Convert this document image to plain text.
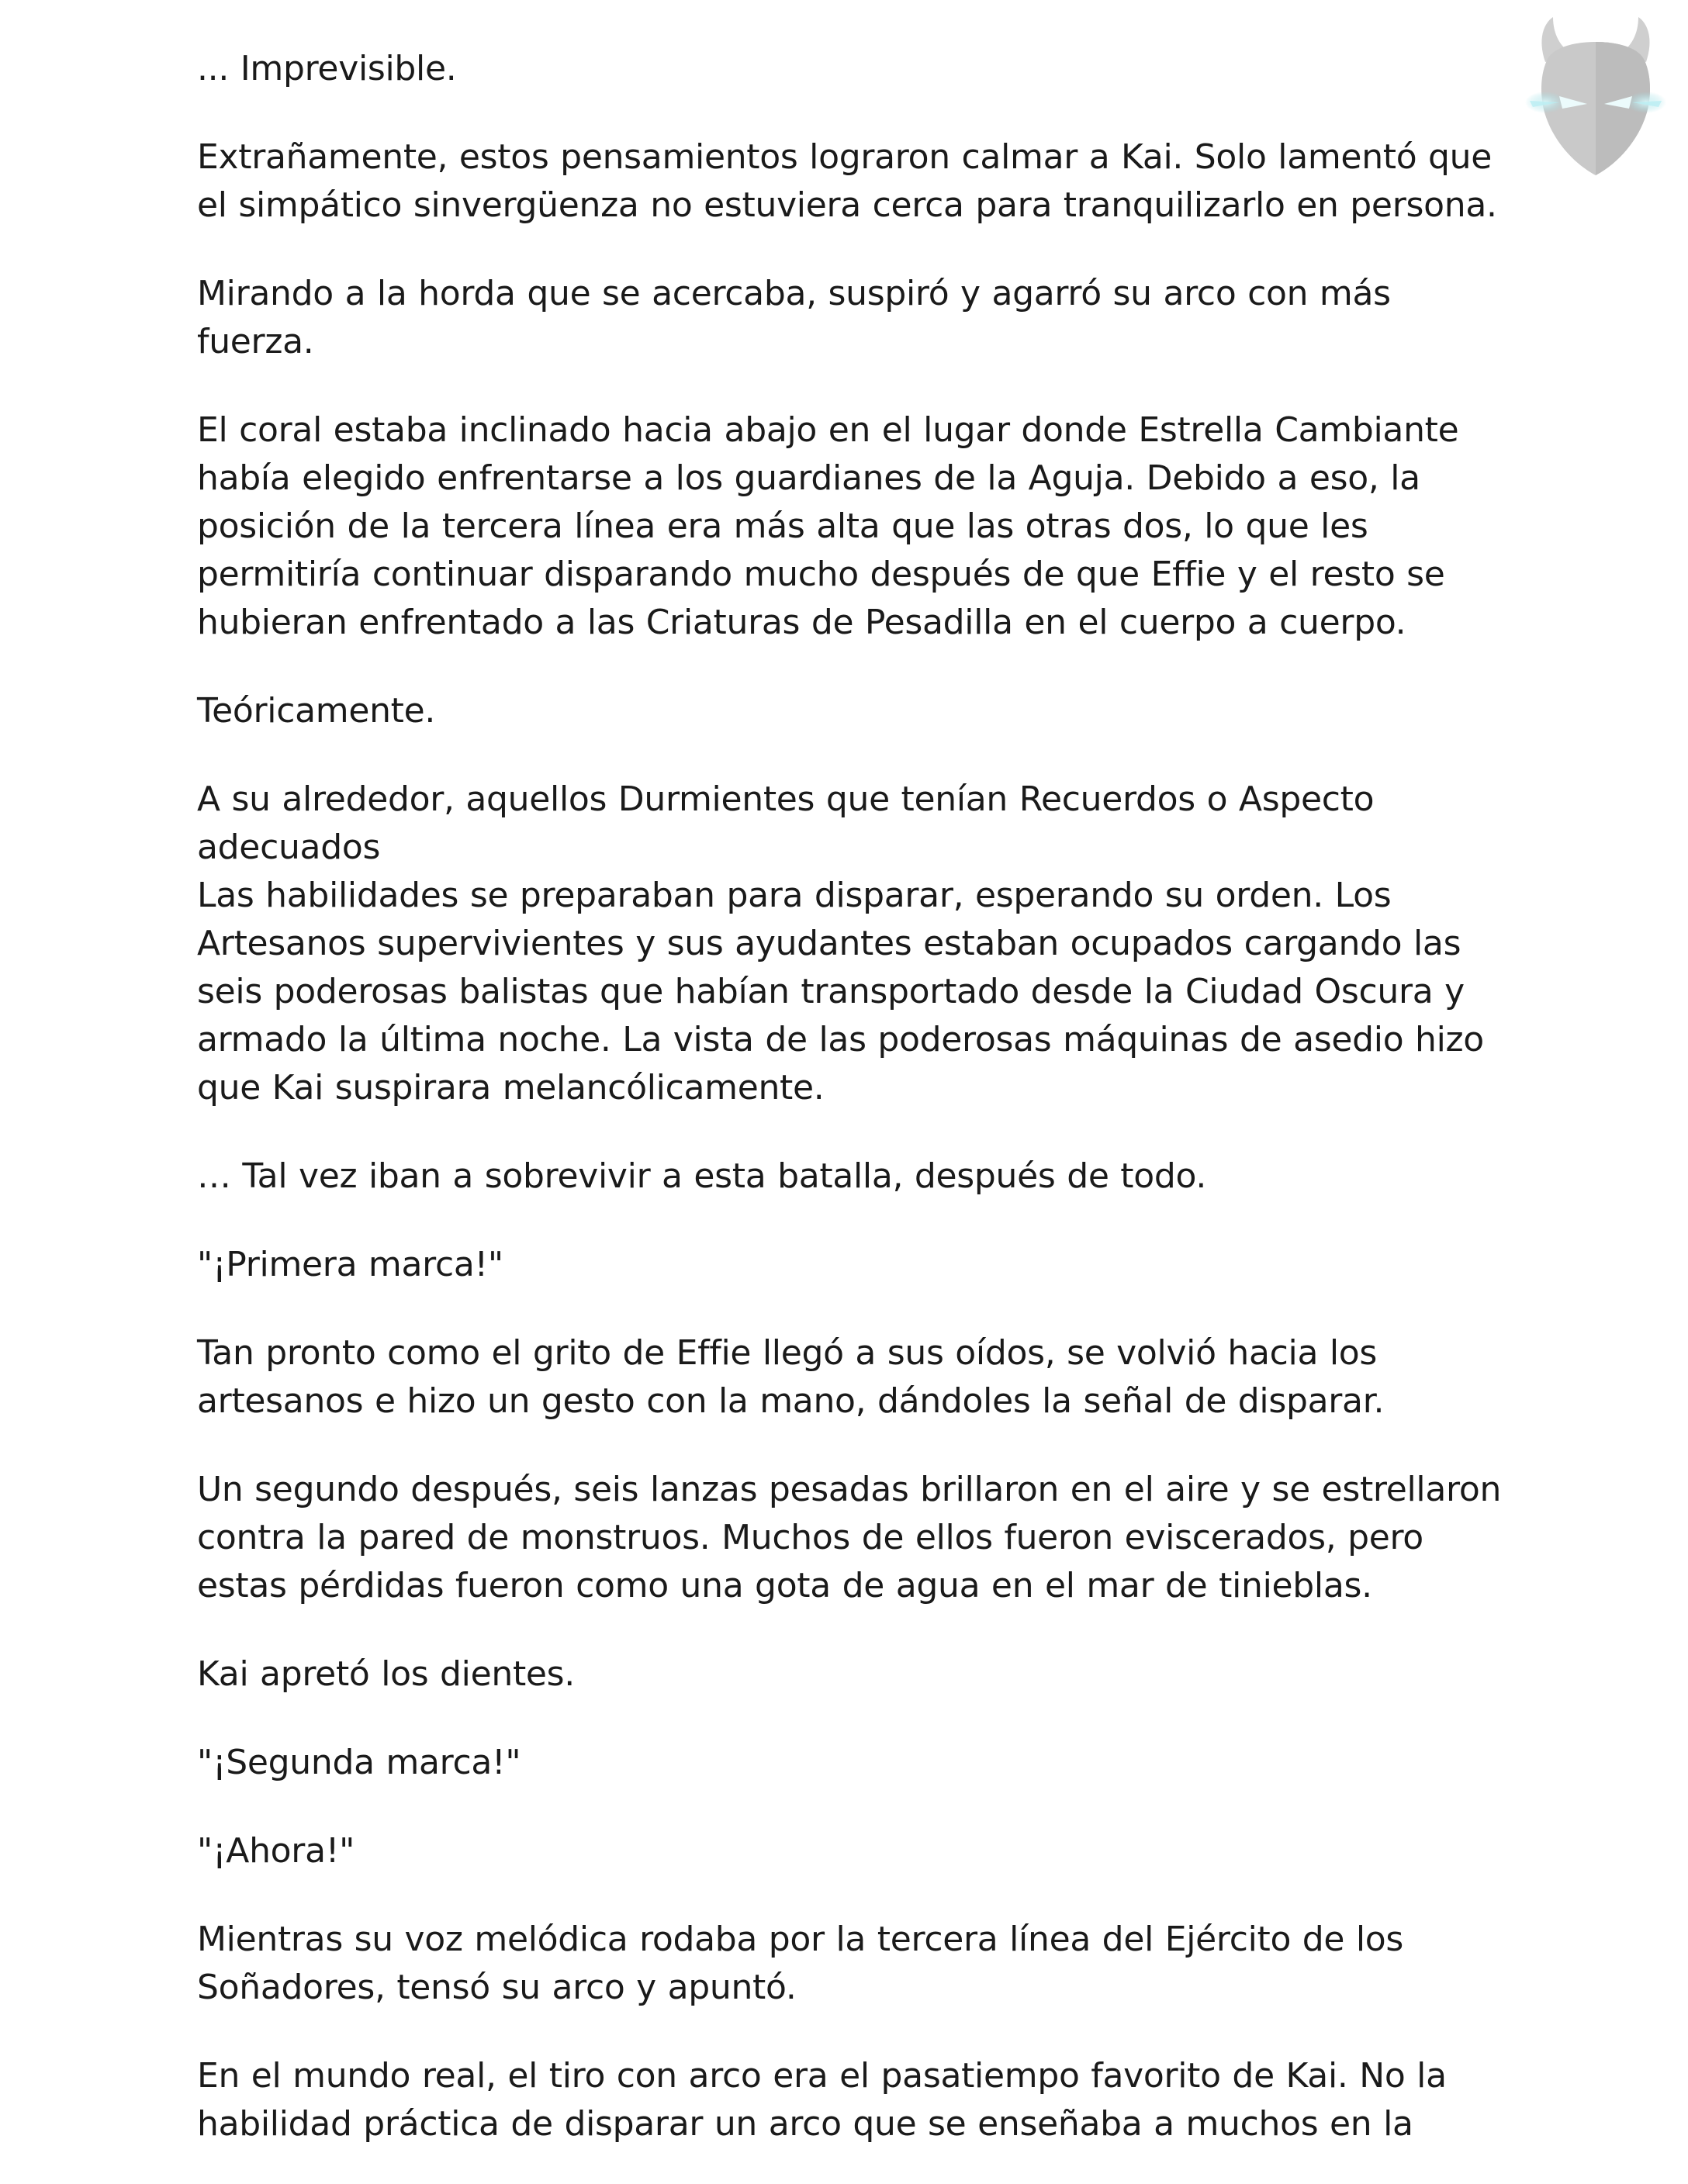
... Imprevisible.

Extrañamente, estos pensamientos lograron calmar a Kai. Solo lamentó que el simpático sinvergüenza no estuviera cerca para tranquilizarlo en persona.

Mirando a la horda que se acercaba, suspiró y agarró su arco con más fuerza.

El coral estaba inclinado hacia abajo en el lugar donde Estrella Cambiante había elegido enfrentarse a los guardianes de la Aguja. Debido a eso, la posición de la tercera línea era más alta que las otras dos, lo que les permitiría continuar disparando mucho después de que Effie y el resto se hubieran enfrentado a las Criaturas de Pesadilla en el cuerpo a cuerpo.

Teóricamente.

A su alrededor, aquellos Durmientes que tenían Recuerdos o Aspecto adecuados

Las habilidades se preparaban para disparar, esperando su orden. Los Artesanos supervivientes y sus ayudantes estaban ocupados cargando las seis poderosas balistas que habían transportado desde la Ciudad Oscura y armado la última noche. La vista de las poderosas máquinas de asedio hizo que Kai suspirara melancólicamente.

… Tal vez iban a sobrevivir a esta batalla, después de todo.

"¡Primera marca!"

Tan pronto como el grito de Effie llegó a sus oídos, se volvió hacia los artesanos e hizo un gesto con la mano, dándoles la señal de disparar.

Un segundo después, seis lanzas pesadas brillaron en el aire y se estrellaron contra la pared de monstruos. Muchos de ellos fueron eviscerados, pero estas pérdidas fueron como una gota de agua en el mar de tinieblas.

Kai apretó los dientes.

"¡Segunda marca!"

"¡Ahora!"

Mientras su voz melódica rodaba por la tercera línea del Ejército de los Soñadores, tensó su arco y apuntó.

En el mundo real, el tiro con arco era el pasatiempo favorito de Kai. No la habilidad práctica de disparar un arco que se enseñaba a muchos en la
